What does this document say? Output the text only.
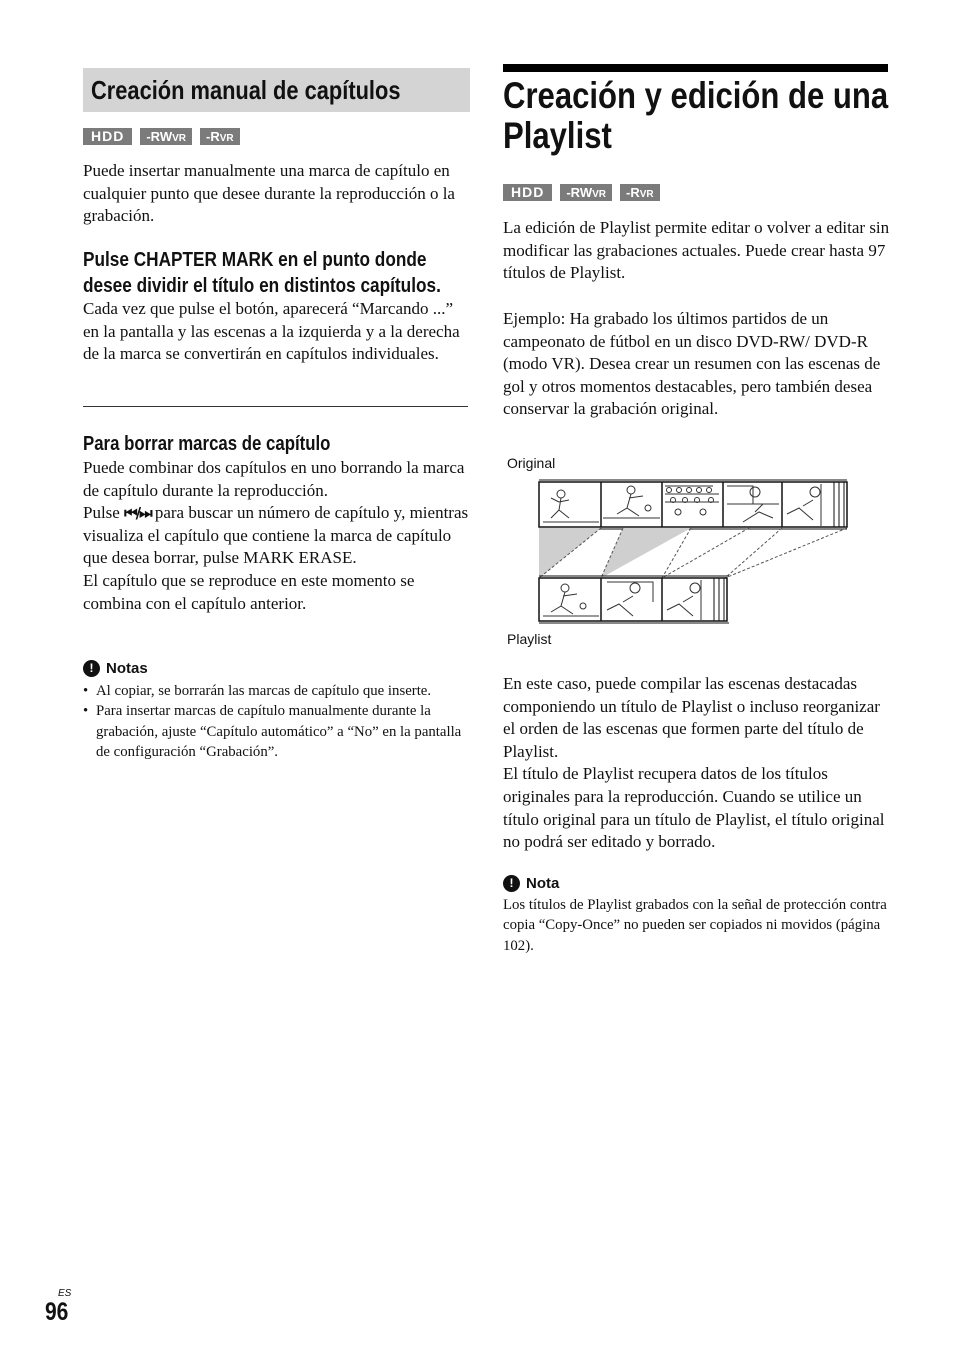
Creación manual de capítulos
HDD	-RWVR	-RVR

Puede insertar manualmente una marca de capítulo en cualquier punto que desee durante la reproducción o la grabación.

Pulse CHAPTER MARK en el punto donde
desee dividir el título en distintos capítulos.

Cada vez que pulse el botón, aparecerá “Marcando ...” en la pantalla y las escenas a la izquierda y a la derecha de la marca se convertirán en capítulos individuales.

Para borrar marcas de capítulo
Puede combinar dos capítulos en uno borrando la marca de capítulo durante la reproducción.
Pulse ⏮/⏭ para buscar un número de capítulo y, mientras visualiza el capítulo que contiene la marca de capítulo que desea borrar, pulse MARK ERASE.
El capítulo que se reproduce en este momento se combina con el capítulo anterior.
! Notas
• Al copiar, se borrarán las marcas de capítulo que inserte.
• Para insertar marcas de capítulo manualmente durante la grabación, ajuste “Capítulo automático” a “No” en la pantalla de configuración “Grabación”.
Creación y edición de una
Playlist
HDD	-RWVR	-RVR

La edición de Playlist permite editar o volver a editar sin modificar las grabaciones actuales. Puede crear hasta 97 títulos de Playlist.

Ejemplo: Ha grabado los últimos partidos de un campeonato de fútbol en un disco DVD-RW/ DVD-R (modo VR). Desea crear un resumen con las escenas de gol y otros momentos destacables, pero también desea conservar la grabación original.

Original
Playlist
En este caso, puede compilar las escenas destacadas componiendo un título de Playlist o incluso reorganizar el orden de las escenas que formen parte del título de Playlist.
El título de Playlist recupera datos de los títulos originales para la reproducción. Cuando se utilice un título original para un título de Playlist, el título original no podrá ser editado y borrado.
! Nota

Los títulos de Playlist grabados con la señal de protección contra copia “Copy-Once” no pueden ser copiados ni movidos (página 102).

ES
96
